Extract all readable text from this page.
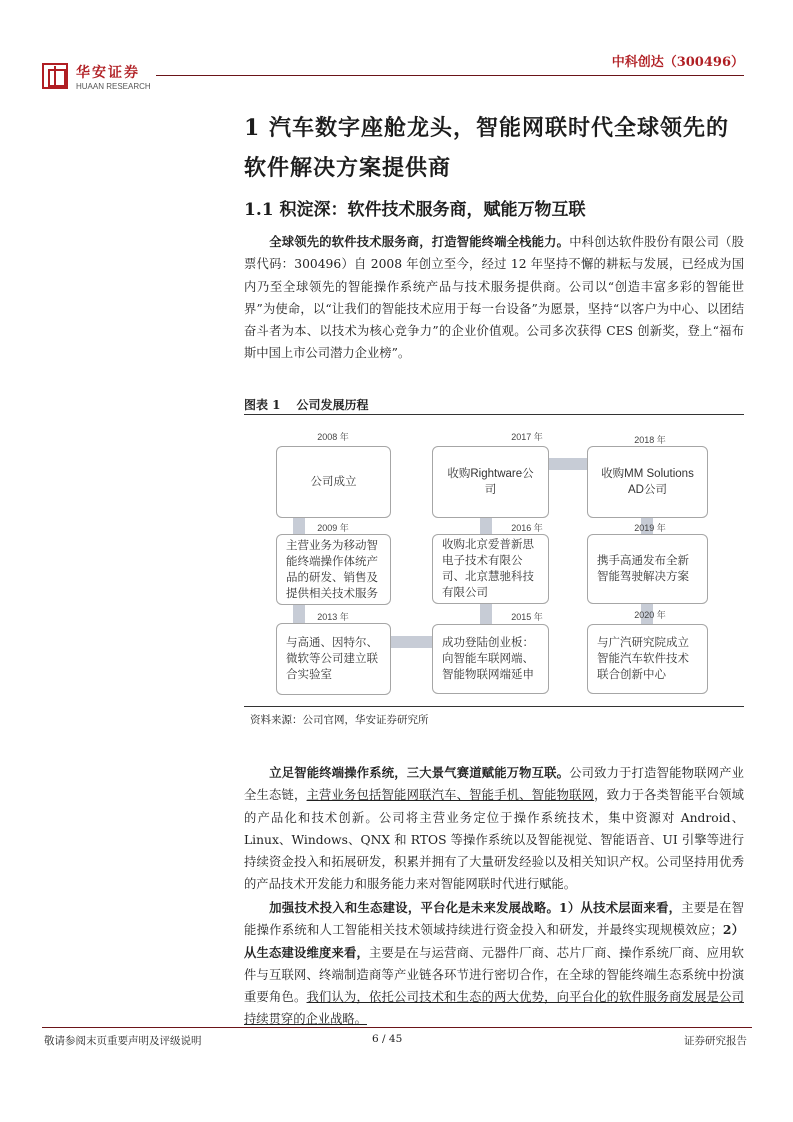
华安证券
HUAAN RESEARCH
中科创达（300496）
1 汽车数字座舱龙头，智能网联时代全球领先的软件解决方案提供商
1.1 积淀深：软件技术服务商，赋能万物互联
全球领先的软件技术服务商，打造智能终端全栈能力。中科创达软件股份有限公司（股票代码：300496）自 2008 年创立至今，经过 12 年坚持不懈的耕耘与发展，已经成为国内乃至全球领先的智能操作系统产品与技术服务提供商。公司以“创造丰富多彩的智能世界”为使命，以“让我们的智能技术应用于每一台设备”为愿景，坚持“以客户为中心、以团结奋斗者为本、以技术为核心竞争力”的企业价值观。公司多次获得 CES 创新奖，登上“福布斯中国上市公司潜力企业榜”。
图表 1 公司发展历程
2008 年
2009 年
2013 年	2015 年
2016 年
2017 年	2018 年
2019 年
2020 年
公司成立
主营业务为移动智能终端操作体统产品的研发、销售及提供相关技术服务
与高通、因特尔、微软等公司建立联合实验室
成功登陆创业板：向智能车联网端、智能物联网端延申
收购北京爱普新思电子技术有限公司、北京慧驰科技有限公司
收购Rightware公司
收购MM Solutions AD公司
携手高通发布全新智能驾驶解决方案
与广汽研究院成立智能汽车软件技术联合创新中心
资料来源：公司官网，华安证券研究所
立足智能终端操作系统，三大景气赛道赋能万物互联。公司致力于打造智能物联网产业全生态链，主营业务包括智能网联汽车、智能手机、智能物联网，致力于各类智能平台领域的产品化和技术创新。公司将主营业务定位于操作系统技术，集中资源对 Android、Linux、Windows、QNX 和 RTOS 等操作系统以及智能视觉、智能语音、UI 引擎等进行持续资金投入和拓展研发，积累并拥有了大量研发经验以及相关知识产权。公司坚持用优秀的产品技术开发能力和服务能力来对智能网联时代进行赋能。
加强技术投入和生态建设，平台化是未来发展战略。1）从技术层面来看，主要是在智能操作系统和人工智能相关技术领域持续进行资金投入和研发，并最终实现规模效应；2）从生态建设维度来看，主要是在与运营商、元器件厂商、芯片厂商、操作系统厂商、应用软件与互联网、终端制造商等产业链各环节进行密切合作，在全球的智能终端生态系统中扮演重要角色。我们认为，依托公司技术和生态的两大优势，向平台化的软件服务商发展是公司持续贯穿的企业战略。
敬请参阅末页重要声明及评级说明	6 / 45	证券研究报告
